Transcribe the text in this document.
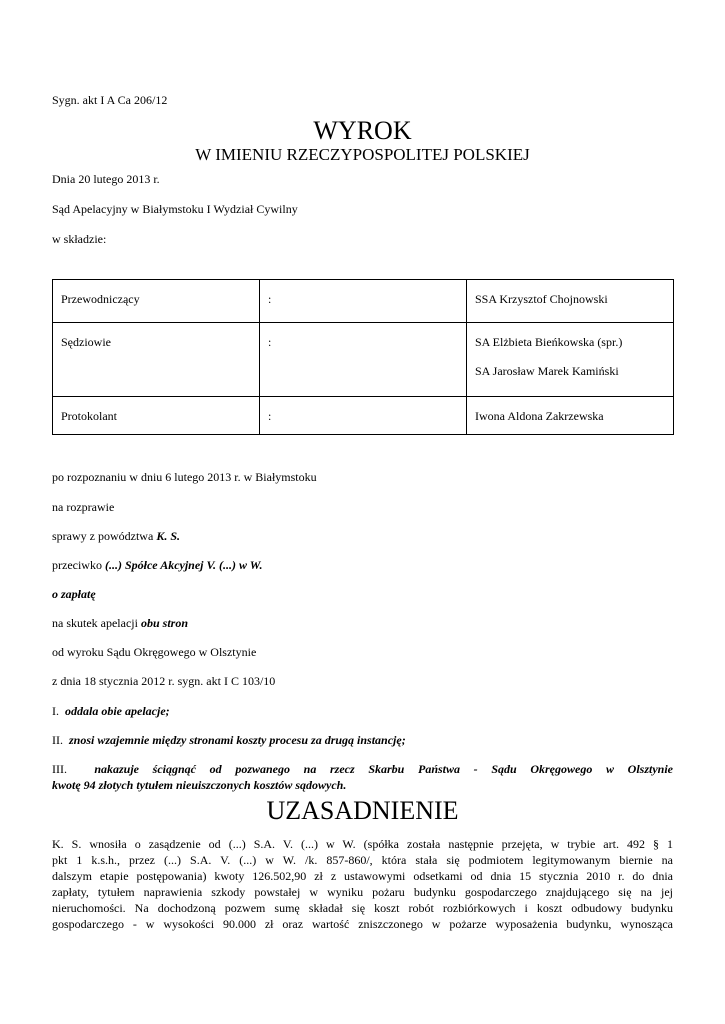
Sygn. akt I A Ca 206/12
WYROK
W IMIENIU RZECZYPOSPOLITEJ POLSKIEJ
Dnia 20 lutego 2013 r.
Sąd Apelacyjny w Białymstoku I Wydział Cywilny
w składzie:

Przewodniczący	:	SSA Krzysztof Chojnowski

Sędziowie	:	SA Elżbieta Bieńkowska (spr.)

SA Jarosław Marek Kamiński

Protokolant	:	Iwona Aldona Zakrzewska

po rozpoznaniu w dniu 6 lutego 2013 r. w Białymstoku
na rozprawie
sprawy z powództwa K. S.
przeciwko (...) Spółce Akcyjnej V. (...) w W.
o zapłatę
na skutek apelacji obu stron
od wyroku Sądu Okręgowego w Olsztynie
z dnia 18 stycznia 2012 r. sygn. akt I C 103/10
I. oddala obie apelacje;
II. znosi wzajemnie między stronami koszty procesu za drugą instancję;
III. nakazuje ściągnąć od pozwanego na rzecz Skarbu Państwa - Sądu Okręgowego w Olsztynie
kwotę 94 złotych tytułem nieuiszczonych kosztów sądowych.
UZASADNIENIE
K. S. wnosiła o zasądzenie od (...) S.A. V. (...) w W. (spółka została następnie przejęta, w trybie art. 492 § 1
pkt 1 k.s.h., przez (...) S.A. V. (...) w W. /k. 857-860/, która stała się podmiotem legitymowanym biernie na
dalszym etapie postępowania) kwoty 126.502,90 zł z ustawowymi odsetkami od dnia 15 stycznia 2010 r. do dnia
zapłaty, tytułem naprawienia szkody powstałej w wyniku pożaru budynku gospodarczego znajdującego się na jej
nieruchomości. Na dochodzoną pozwem sumę składał się koszt robót rozbiórkowych i koszt odbudowy budynku
gospodarczego - w wysokości 90.000 zł oraz wartość zniszczonego w pożarze wyposażenia budynku, wynosząca
